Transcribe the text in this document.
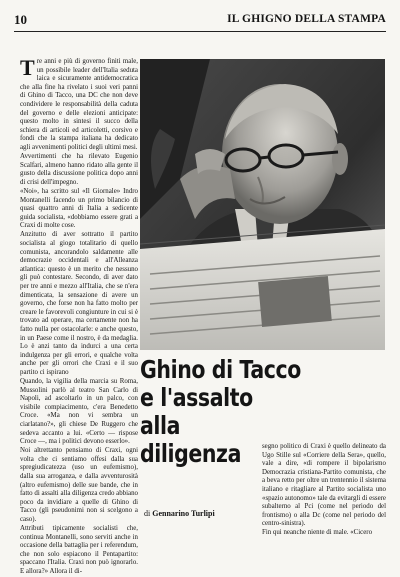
10	IL GHIGNO DELLA STAMPA
T re anni e più di governo finiti male, un possibile leader dell'Italia seduta laica e sicuramente antidemocratica che alla fine ha rivelato i suoi veri panni di Ghino di Tacco, una DC che non deve condividere le responsabilità della caduta del governo e delle elezioni anticipate: questo molto in sintesi il succo della schiera di articoli ed articoletti, corsivo e fondi che la stampa italiana ha dedicato agli avvenimenti politici degli ultimi mesi.

Avvertimenti che ha rilevato Eugenio Scalfari, almeno hanno ridato alla gente il gusto della discussione politica dopo anni di crisi dell'impegno.

«Noi», ha scritto sul «Il Giornale» Indro Montanelli facendo un primo bilancio di quasi quattro anni di Italia a sedicente guida socialista, «dobbiamo essere grati a Craxi di molte cose.

Anzitutto di aver sottratto il partito socialista al giogo totalitario di quello comunista, ancorandolo saldamente alle democrazie occidentali e all'Alleanza atlantica: questo è un merito che nessuno gli può contestare. Secondo, di aver dato per tre anni e mezzo all'Italia, che se n'era dimenticata, la sensazione di avere un governo, che forse non ha fatto molto per creare le favorevoli congiunture in cui si è trovato ad operare, ma certamente non ha fatto nulla per ostacolarle: e anche questo, in un Paese come il nostro, è da medaglia. Lo è anzi tanto da indurci a una certa indulgenza per gli errori, e qualche volta anche per gli orrori che Craxi e il suo partito ci ispirano

Quando, la vigilia della marcia su Roma, Mussolini parlò al teatro San Carlo di Napoli, ad ascoltarlo in un palco, con visibile compiacimento, c'era Benedetto Croce. «Ma non vi sembra un ciarlatano?», gli chiese De Ruggero che sedeva accanto a lui. «Certo — rispose Croce —, ma i politici devono esserlo».

Noi altrettanto pensiamo di Craxi, ogni volta che ci sentiamo offesi dalla sua spregiudicatezza (uso un eufemismo), dalla sua arroganza, e dalla avventurosità (altro eufemismo) delle sue bande, che in fatto di assalti alla diligenza credo abbiano poco da invidiare a quelle di Ghino di Tacco (gli pseudonimi non si scelgono a caso).

Attributi tipicamente socialisti che, continua Montanelli, sono serviti anche in occasione della battaglia per i referendum, che non solo espiacono il Pentapartito: spaccano l'Italia. Craxi non può ignorarlo. E allora?» Allora il di-

Ghino di Tacco
e l'assalto
alla
diligenza	segno politico di Craxi è quello delineato da Ugo Stille sul «Corriere della Sera», quello, vale a dire, «di rompere il bipolarismo Democrazia cristiana-Partito comunista, che a beva retto per oltre un trentennio il sistema italiano e ritagliare al Partito socialista uno «spazio autonomo» tale da evitargli di essere subalterno al Pci (come nel periodo del frontismo) o alla Dc (come nel periodo del centro-sinistra).

Fin qui neanche niente di male. «Cicero

di Gennarino Turlipi
